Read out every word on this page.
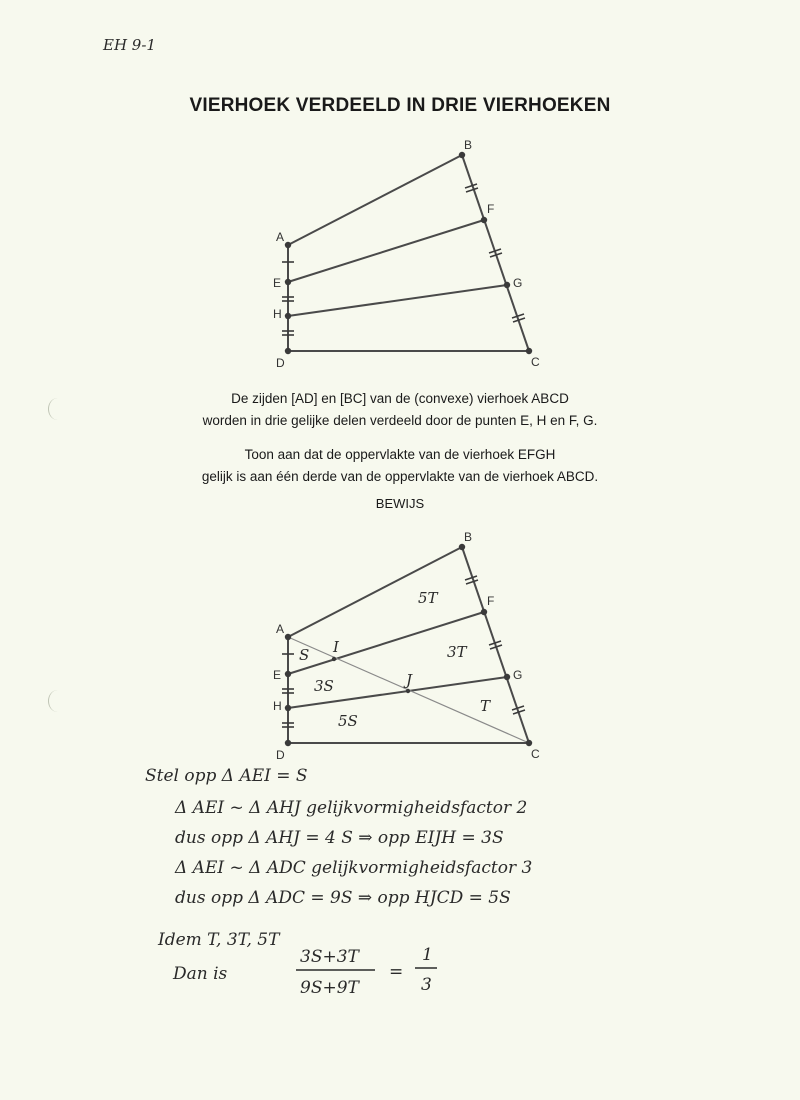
EH 9-1
VIERHOEK VERDEELD IN DRIE VIERHOEKEN
A
B
C
D
E
F
G
H
De zijden [AD] en [BC] van de (convexe) vierhoek ABCD
worden in drie gelijke delen verdeeld door de punten E, H en F, G.
Toon aan dat de oppervlakte van de vierhoek EFGH
gelijk is aan één derde van de oppervlakte van de vierhoek ABCD.
BEWIJS
A
B
C
D
E
F
G
H
I
J
S
3S
5S
T
3T
5T
Stel opp Δ AEI = S
Δ AEI ~ Δ AHJ gelijkvormigheidsfactor 2
dus opp Δ AHJ = 4 S ⇒ opp EIJH = 3S
Δ AEI ~ Δ ADC gelijkvormigheidsfactor 3
dus opp Δ ADC = 9S ⇒ opp HJCD = 5S
Idem T, 3T, 5T
Dan is
3S+3T
9S+9T
=
1
3
